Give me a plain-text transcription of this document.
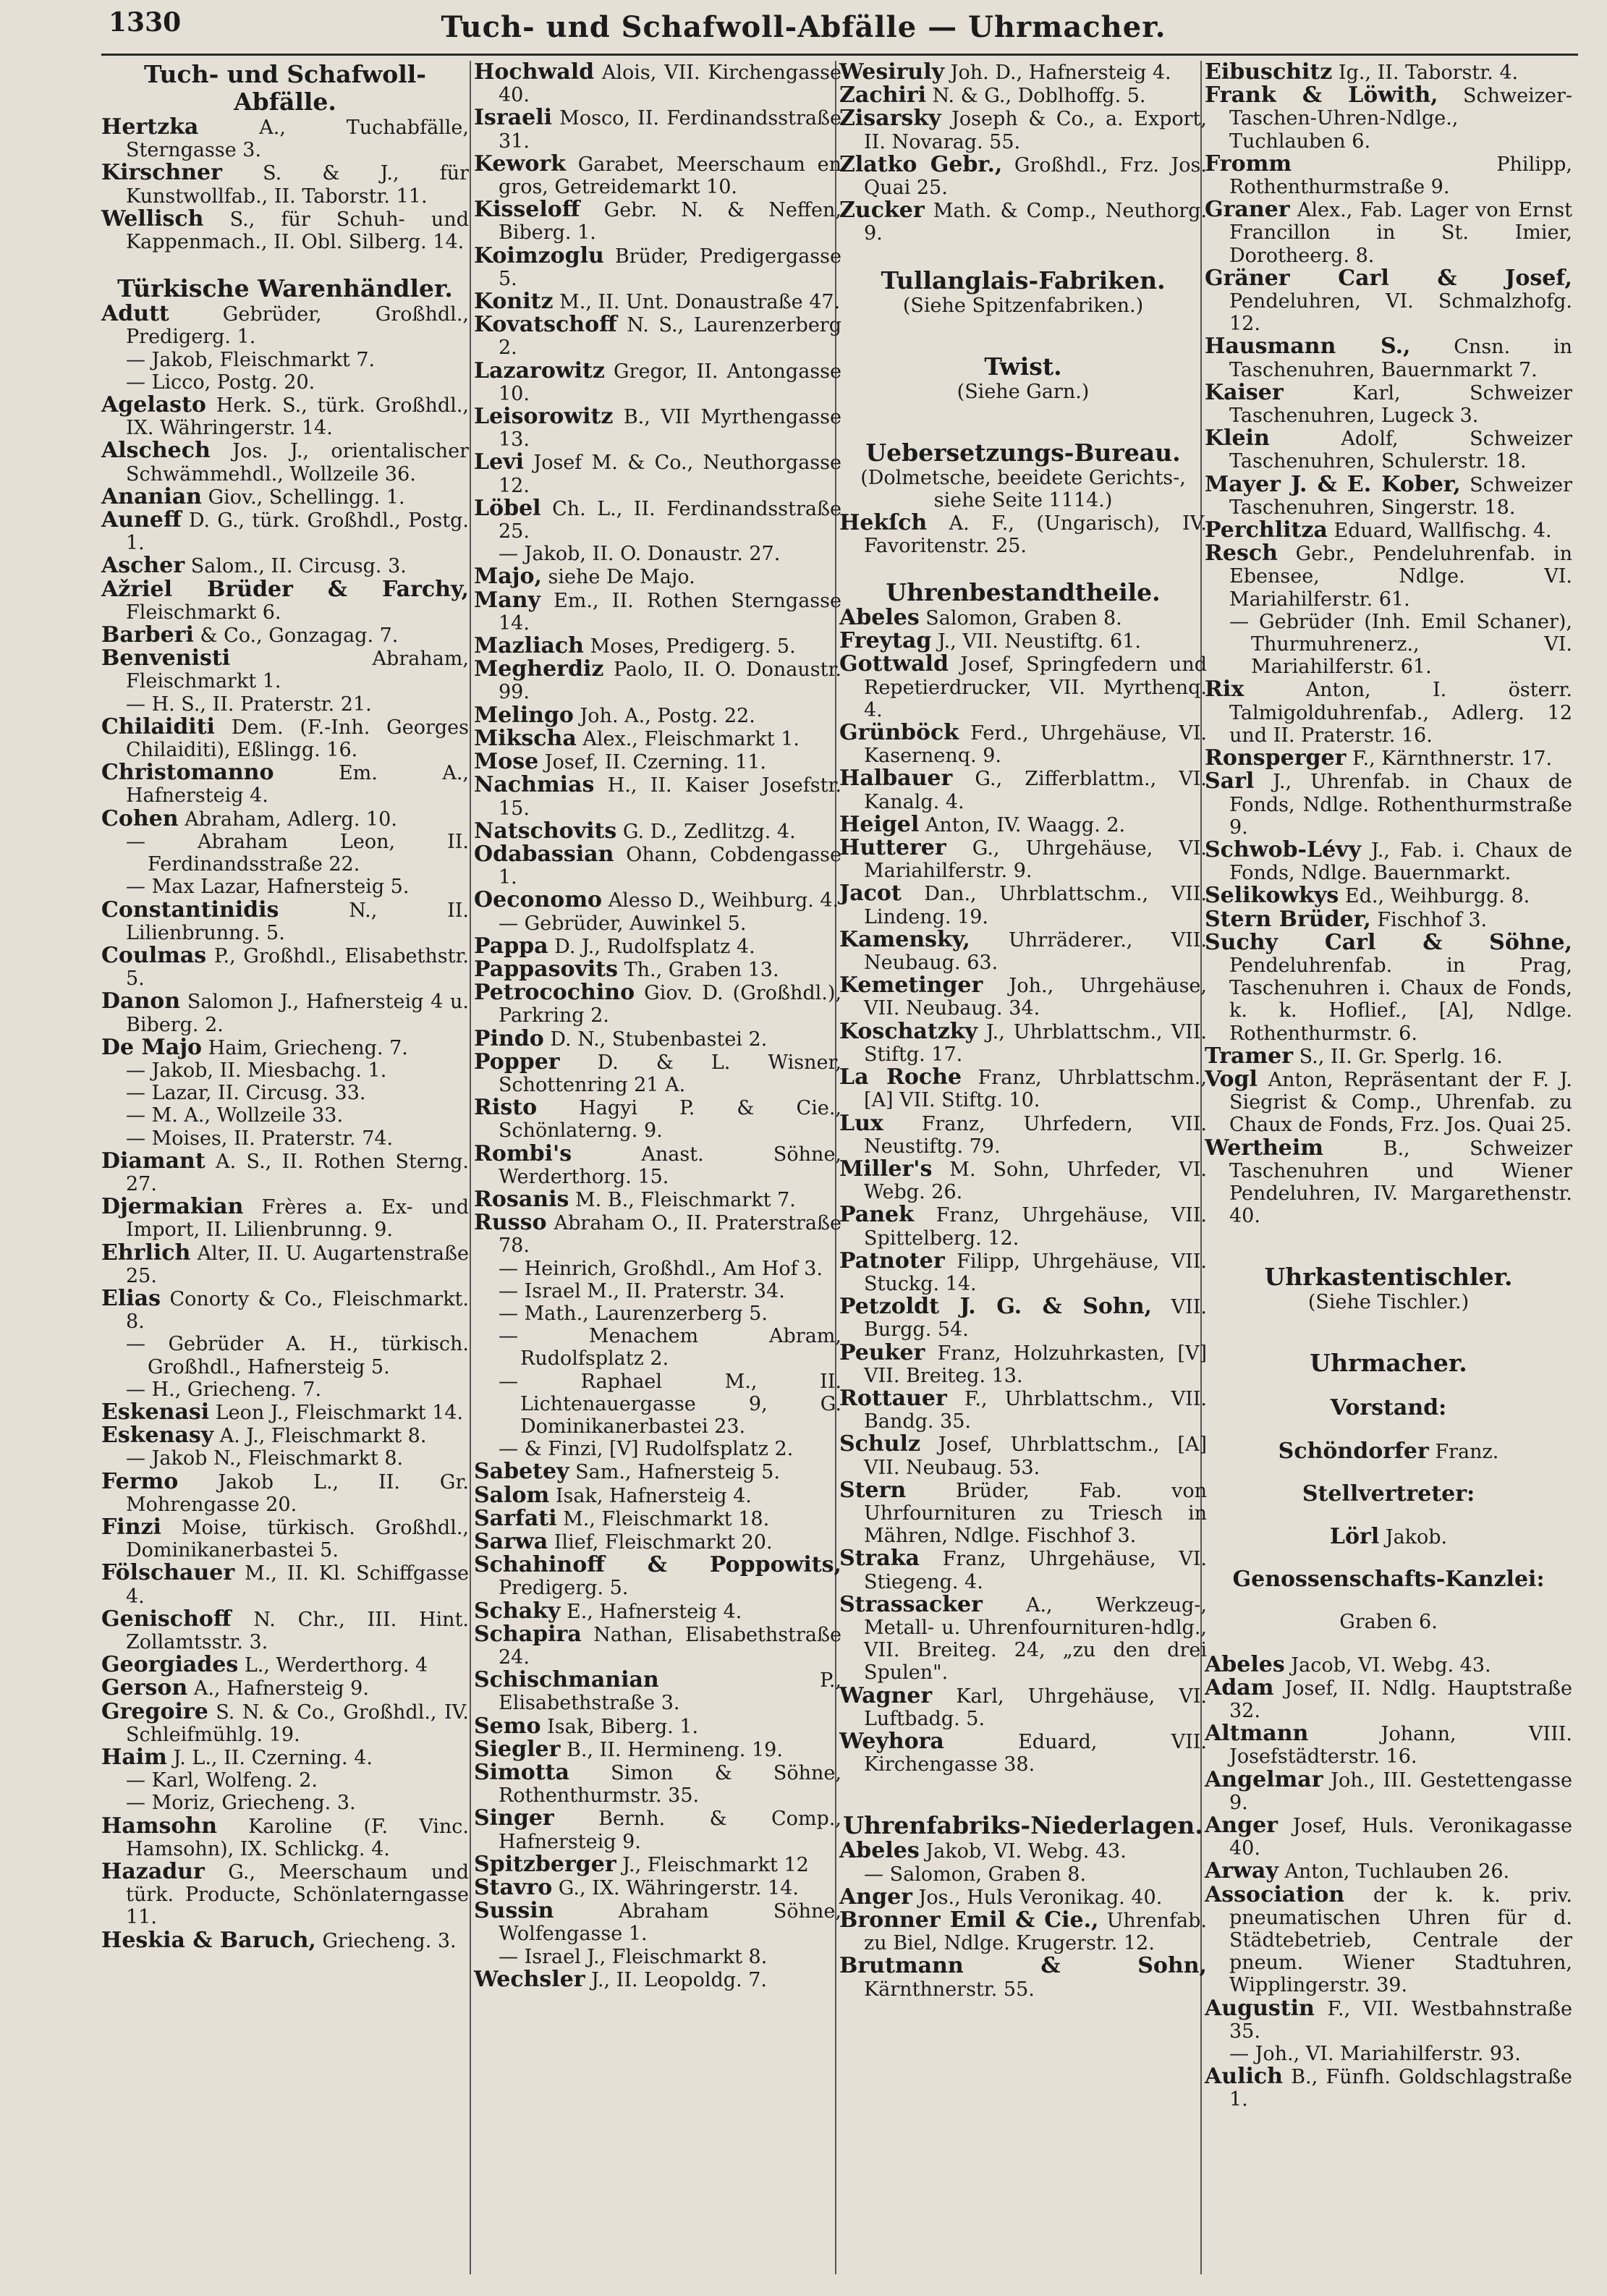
1330	Tuch- und Schafwoll-Abfälle — Uhrmacher.
Tuch- und Schafwoll-Abfälle.

Hertzka A., Tuchabfälle, Sterngasse 3.

Kirschner S. & J., für Kunstwollfab., II. Taborstr. 11.

Wellisch S., für Schuh- und Kappenmach., II. Obl. Silberg. 14.

Türkische Warenhändler.

Adutt Gebrüder, Großhdl., Predigerg. 1.

— Jakob, Fleischmarkt 7.

— Licco, Postg. 20.

Agelasto Herk. S., türk. Großhdl., IX. Währingerstr. 14.

Alschech Jos. J., orientalischer Schwämmehdl., Wollzeile 36.

Ananian Giov., Schellingg. 1.

Auneff D. G., türk. Großhdl., Postg. 1.

Ascher Salom., II. Circusg. 3.

Ažriel Brüder & Farchy, Fleischmarkt 6.

Barberi & Co., Gonzagag. 7.

Benvenisti Abraham, Fleischmarkt 1.

— H. S., II. Praterstr. 21.

Chilaiditi Dem. (F.-Inh. Georges Chilaiditi), Eßlingg. 16.

Christomanno Em. A., Hafnersteig 4.

Cohen Abraham, Adlerg. 10.

— Abraham Leon, II. Ferdinandsstraße 22.

— Max Lazar, Hafnersteig 5.

Constantinidis N., II. Lilienbrunng. 5.

Coulmas P., Großhdl., Elisabethstr. 5.

Danon Salomon J., Hafnersteig 4 u. Biberg. 2.

De Majo Haim, Griecheng. 7.

— Jakob, II. Miesbachg. 1.

— Lazar, II. Circusg. 33.

— M. A., Wollzeile 33.

— Moises, II. Praterstr. 74.

Diamant A. S., II. Rothen Sterng. 27.

Djermakian Frères a. Ex- und Import, II. Lilienbrunng. 9.

Ehrlich Alter, II. U. Augartenstraße 25.

Elias Conorty & Co., Fleischmarkt. 8.

— Gebrüder A. H., türkisch. Großhdl., Hafnersteig 5.

— H., Griecheng. 7.

Eskenasi Leon J., Fleischmarkt 14.

Eskenasy A. J., Fleischmarkt 8.

— Jakob N., Fleischmarkt 8.

Fermo Jakob L., II. Gr. Mohrengasse 20.

Finzi Moise, türkisch. Großhdl., Dominikanerbastei 5.

Fölschauer M., II. Kl. Schiffgasse 4.

Genischoff N. Chr., III. Hint. Zollamtsstr. 3.

Georgiades L., Werderthorg. 4

Gerson A., Hafnersteig 9.

Gregoire S. N. & Co., Großhdl., IV. Schleifmühlg. 19.

Haim J. L., II. Czerning. 4.

— Karl, Wolfeng. 2.

— Moriz, Griecheng. 3.

Hamsohn Karoline (F. Vinc. Hamsohn), IX. Schlickg. 4.

Hazadur G., Meerschaum und türk. Producte, Schönlaterngasse 11.

Heskia & Baruch, Griecheng. 3.

Hochwald Alois, VII. Kirchengasse 40.

Israeli Mosco, II. Ferdinandsstraße 31.

Kework Garabet, Meerschaum en gros, Getreidemarkt 10.

Kisseloff Gebr. N. & Neffen, Biberg. 1.

Koimzoglu Brüder, Predigergasse 5.

Konitz M., II. Unt. Donaustraße 47.

Kovatschoff N. S., Laurenzerberg 2.

Lazarowitz Gregor, II. Antongasse 10.

Leisorowitz B., VII Myrthengasse 13.

Levi Josef M. & Co., Neuthorgasse 12.

Löbel Ch. L., II. Ferdinandsstraße 25.

— Jakob, II. O. Donaustr. 27.

Majo, siehe De Majo.

Many Em., II. Rothen Sterngasse 14.

Mazliach Moses, Predigerg. 5.

Megherdiz Paolo, II. O. Donaustr. 99.

Melingo Joh. A., Postg. 22.

Mikscha Alex., Fleischmarkt 1.

Mose Josef, II. Czerning. 11.

Nachmias H., II. Kaiser Josefstr. 15.

Natschovits G. D., Zedlitzg. 4.

Odabassian Ohann, Cobdengasse 1.

Oeconomo Alesso D., Weihburg. 4.

— Gebrüder, Auwinkel 5.

Pappa D. J., Rudolfsplatz 4.

Pappasovits Th., Graben 13.

Petrocochino Giov. D. (Großhdl.), Parkring 2.

Pindo D. N., Stubenbastei 2.

Popper D. & L. Wisner, Schottenring 21 A.

Risto Hagyi P. & Cie., Schönlaterng. 9.

Rombi's Anast. Söhne, Werderthorg. 15.

Rosanis M. B., Fleischmarkt 7.

Russo Abraham O., II. Praterstraße 78.

— Heinrich, Großhdl., Am Hof 3.

— Israel M., II. Praterstr. 34.

— Math., Laurenzerberg 5.

— Menachem Abram, Rudolfsplatz 2.

— Raphael M., II. Lichtenauergasse 9, G. Dominikanerbastei 23.

— & Finzi, [V] Rudolfsplatz 2.

Sabetey Sam., Hafnersteig 5.

Salom Isak, Hafnersteig 4.

Sarfati M., Fleischmarkt 18.

Sarwa Ilief, Fleischmarkt 20.

Schahinoff & Poppowits, Predigerg. 5.

Schaky E., Hafnersteig 4.

Schapira Nathan, Elisabethstraße 24.

Schischmanian P., Elisabethstraße 3.

Semo Isak, Biberg. 1.

Siegler B., II. Hermineng. 19.

Simotta Simon & Söhne, Rothenthurmstr. 35.

Singer Bernh. & Comp., Hafnersteig 9.

Spitzberger J., Fleischmarkt 12

Stavro G., IX. Währingerstr. 14.

Sussin Abraham Söhne, Wolfengasse 1.

— Israel J., Fleischmarkt 8.

Wechsler J., II. Leopoldg. 7.

Wesiruly Joh. D., Hafnersteig 4.

Zachiri N. & G., Doblhoffg. 5.

Zisarsky Joseph & Co., a. Export, II. Novarag. 55.

Zlatko Gebr., Großhdl., Frz. Jos. Quai 25.

Zucker Math. & Comp., Neuthorg. 9.

Tullanglais-Fabriken.
(Siehe Spitzenfabriken.)
Twist.
(Siehe Garn.)
Uebersetzungs-Bureau.
(Dolmetsche, beeidete Gerichts-, siehe Seite 1114.)

Hekſch A. F., (Ungarisch), IV. Favoritenstr. 25.

Uhrenbestandtheile.

Abeles Salomon, Graben 8.

Freytag J., VII. Neustiftg. 61.

Gottwald Josef, Springfedern und Repetierdrucker, VII. Myrthenq. 4.

Grünböck Ferd., Uhrgehäuse, VI. Kasernenq. 9.

Halbauer G., Zifferblattm., VI. Kanalg. 4.

Heigel Anton, IV. Waagg. 2.

Hutterer G., Uhrgehäuse, VI. Mariahilferstr. 9.

Jacot Dan., Uhrblattschm., VII. Lindeng. 19.

Kamensky, Uhrräderer., VII. Neubaug. 63.

Kemetinger Joh., Uhrgehäuse, VII. Neubaug. 34.

Koschatzky J., Uhrblattschm., VII. Stiftg. 17.

La Roche Franz, Uhrblattschm., [A] VII. Stiftg. 10.

Lux Franz, Uhrfedern, VII. Neustiftg. 79.

Miller's M. Sohn, Uhrfeder, VI. Webg. 26.

Panek Franz, Uhrgehäuse, VII. Spittelberg. 12.

Patnoter Filipp, Uhrgehäuse, VII. Stuckg. 14.

Petzoldt J. G. & Sohn, VII. Burgg. 54.

Peuker Franz, Holzuhrkasten, [V] VII. Breiteg. 13.

Rottauer F., Uhrblattschm., VII. Bandg. 35.

Schulz Josef, Uhrblattschm., [A] VII. Neubaug. 53.

Stern Brüder, Fab. von Uhrfournituren zu Triesch in Mähren, Ndlge. Fischhof 3.

Straka Franz, Uhrgehäuse, VI. Stiegeng. 4.

Strassacker A., Werkzeug-, Metall- u. Uhrenfournituren-hdlg., VII. Breiteg. 24, „zu den drei Spulen".

Wagner Karl, Uhrgehäuse, VI. Luftbadg. 5.

Weyhora Eduard, VII. Kirchengasse 38.

Uhrenfabriks-Niederlagen.

Abeles Jakob, VI. Webg. 43.

— Salomon, Graben 8.

Anger Jos., Huls Veronikag. 40.

Bronner Emil & Cie., Uhrenfab. zu Biel, Ndlge. Krugerstr. 12.

Brutmann & Sohn, Kärnthnerstr. 55.

Eibuschitz Ig., II. Taborstr. 4.

Frank & Löwith, Schweizer-Taschen-Uhren-Ndlge., Tuchlauben 6.

Fromm Philipp, Rothenthurmstraße 9.

Graner Alex., Fab. Lager von Ernst Francillon in St. Imier, Dorotheerg. 8.

Gräner Carl & Josef, Pendeluhren, VI. Schmalzhofg. 12.

Hausmann S., Cnsn. in Taschenuhren, Bauernmarkt 7.

Kaiser Karl, Schweizer Taschenuhren, Lugeck 3.

Klein Adolf, Schweizer Taschenuhren, Schulerstr. 18.

Mayer J. & E. Kober, Schweizer Taschenuhren, Singerstr. 18.

Perchlitza Eduard, Wallfischg. 4.

Resch Gebr., Pendeluhrenfab. in Ebensee, Ndlge. VI. Mariahilferstr. 61.

— Gebrüder (Inh. Emil Schaner), Thurmuhrenerz., VI. Mariahilferstr. 61.

Rix Anton, I. österr. Talmigolduhrenfab., Adlerg. 12 und II. Praterstr. 16.

Ronsperger F., Kärnthnerstr. 17.

Sarl J., Uhrenfab. in Chaux de Fonds, Ndlge. Rothenthurmstraße 9.

Schwob-Lévy J., Fab. i. Chaux de Fonds, Ndlge. Bauernmarkt.

Selikowkys Ed., Weihburgg. 8.

Stern Brüder, Fischhof 3.

Suchy Carl & Söhne, Pendeluhrenfab. in Prag, Taschenuhren i. Chaux de Fonds, k. k. Hoflief., [A], Ndlge. Rothenthurmstr. 6.

Tramer S., II. Gr. Sperlg. 16.

Vogl Anton, Repräsentant der F. J. Siegrist & Comp., Uhrenfab. zu Chaux de Fonds, Frz. Jos. Quai 25.

Wertheim B., Schweizer Taschenuhren und Wiener Pendeluhren, IV. Margarethenstr. 40.

Uhrkastentischler.
(Siehe Tischler.)
Uhrmacher.

Vorstand:

Schöndorfer Franz.

Stellvertreter:

Lörl Jakob.

Genossenschafts-Kanzlei:

Graben 6.

Abeles Jacob, VI. Webg. 43.

Adam Josef, II. Ndlg. Hauptstraße 32.

Altmann Johann, VIII. Josefstädterstr. 16.

Angelmar Joh., III. Gestettengasse 9.

Anger Josef, Huls. Veronikagasse 40.

Arway Anton, Tuchlauben 26.

Association der k. k. priv. pneumatischen Uhren für d. Städtebetrieb, Centrale der pneum. Wiener Stadtuhren, Wipplingerstr. 39.

Augustin F., VII. Westbahnstraße 35.

— Joh., VI. Mariahilferstr. 93.

Aulich B., Fünfh. Goldschlagstraße 1.
